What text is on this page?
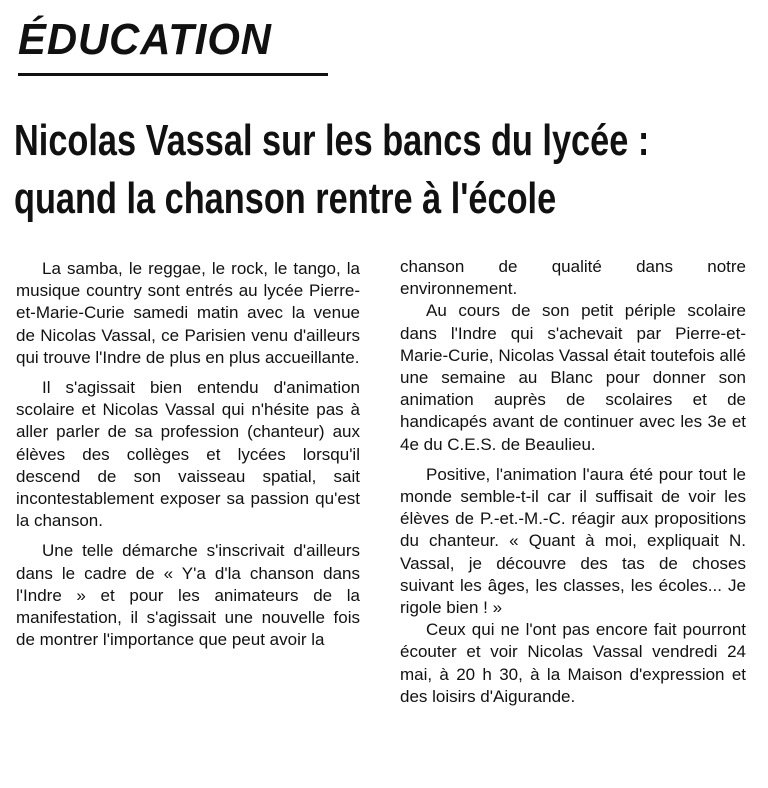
ÉDUCATION
Nicolas Vassal sur les bancs du lycée :
quand la chanson rentre à l'école

La samba, le reggae, le rock, le tango, la musique country sont entrés au lycée Pierre-et-Marie-Curie samedi matin avec la venue de Nicolas Vassal, ce Parisien venu d'ailleurs qui trouve l'Indre de plus en plus accueillante.

Il s'agissait bien entendu d'animation scolaire et Nicolas Vassal qui n'hésite pas à aller parler de sa profession (chanteur) aux élèves des collèges et lycées lorsqu'il descend de son vaisseau spatial, sait incontestablement exposer sa passion qu'est la chanson.

Une telle démarche s'inscrivait d'ailleurs dans le cadre de « Y'a d'la chanson dans l'Indre » et pour les animateurs de la manifestation, il s'agissait une nouvelle fois de montrer l'importance que peut avoir la

chanson de qualité dans notre environnement.

Au cours de son petit périple scolaire dans l'Indre qui s'achevait par Pierre-et-Marie-Curie, Nicolas Vassal était toutefois allé une semaine au Blanc pour donner son animation auprès de scolaires et de handicapés avant de continuer avec les 3e et 4e du C.E.S. de Beaulieu.

Positive, l'animation l'aura été pour tout le monde semble-t-il car il suffisait de voir les élèves de P.-et.-M.-C. réagir aux propositions du chanteur. « Quant à moi, expliquait N. Vassal, je découvre des tas de choses suivant les âges, les classes, les écoles... Je rigole bien ! »

Ceux qui ne l'ont pas encore fait pourront écouter et voir Nicolas Vassal vendredi 24 mai, à 20 h 30, à la Maison d'expression et des loisirs d'Aigurande.
